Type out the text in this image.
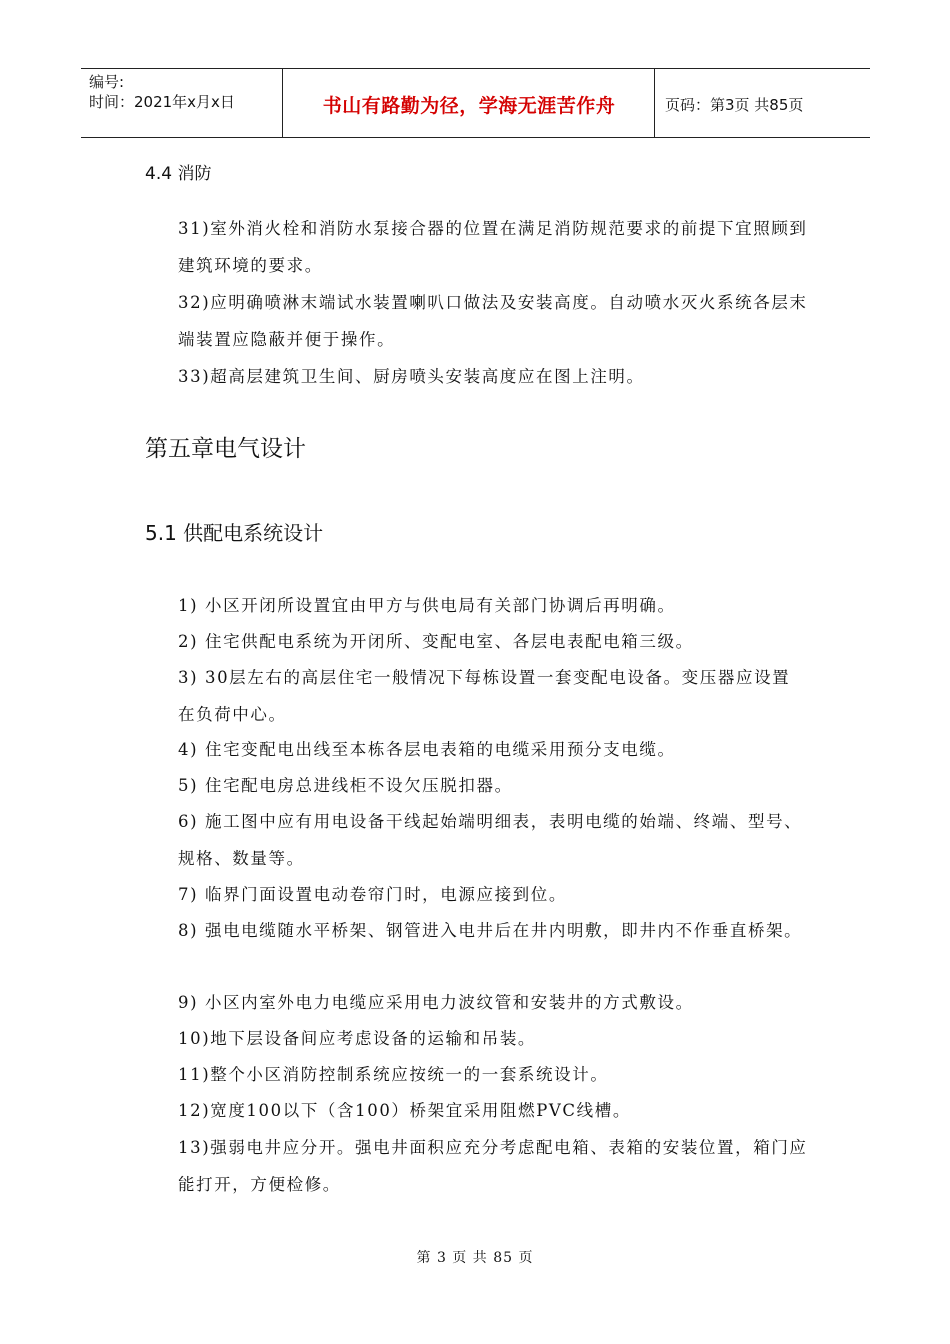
编号:
时间：2021年x月x日	书山有路勤为径，学海无涯苦作舟	页码：第3页 共85页
4.4 消防
31)室外消火栓和消防水泵接合器的位置在满足消防规范要求的前提下宜照顾到建筑环境的要求。
32)应明确喷淋末端试水装置喇叭口做法及安装高度。自动喷水灭火系统各层末端装置应隐蔽并便于操作。
33)超高层建筑卫生间、厨房喷头安装高度应在图上注明。
第五章电气设计
5.1 供配电系统设计
1) 小区开闭所设置宜由甲方与供电局有关部门协调后再明确。
2) 住宅供配电系统为开闭所、变配电室、各层电表配电箱三级。
3) 30层左右的高层住宅一般情况下每栋设置一套变配电设备。变压器应设置在负荷中心。
4) 住宅变配电出线至本栋各层电表箱的电缆采用预分支电缆。
5) 住宅配电房总进线柜不设欠压脱扣器。
6) 施工图中应有用电设备干线起始端明细表，表明电缆的始端、终端、型号、规格、数量等。
7) 临界门面设置电动卷帘门时，电源应接到位。
8) 强电电缆随水平桥架、钢管进入电井后在井内明敷，即井内不作垂直桥架。
9) 小区内室外电力电缆应采用电力波纹管和安装井的方式敷设。
10)地下层设备间应考虑设备的运输和吊装。
11)整个小区消防控制系统应按统一的一套系统设计。
12)宽度100以下（含100）桥架宜采用阻燃PVC线槽。
13)强弱电井应分开。强电井面积应充分考虑配电箱、表箱的安装位置，箱门应能打开，方便检修。
第 3 页 共 85 页
